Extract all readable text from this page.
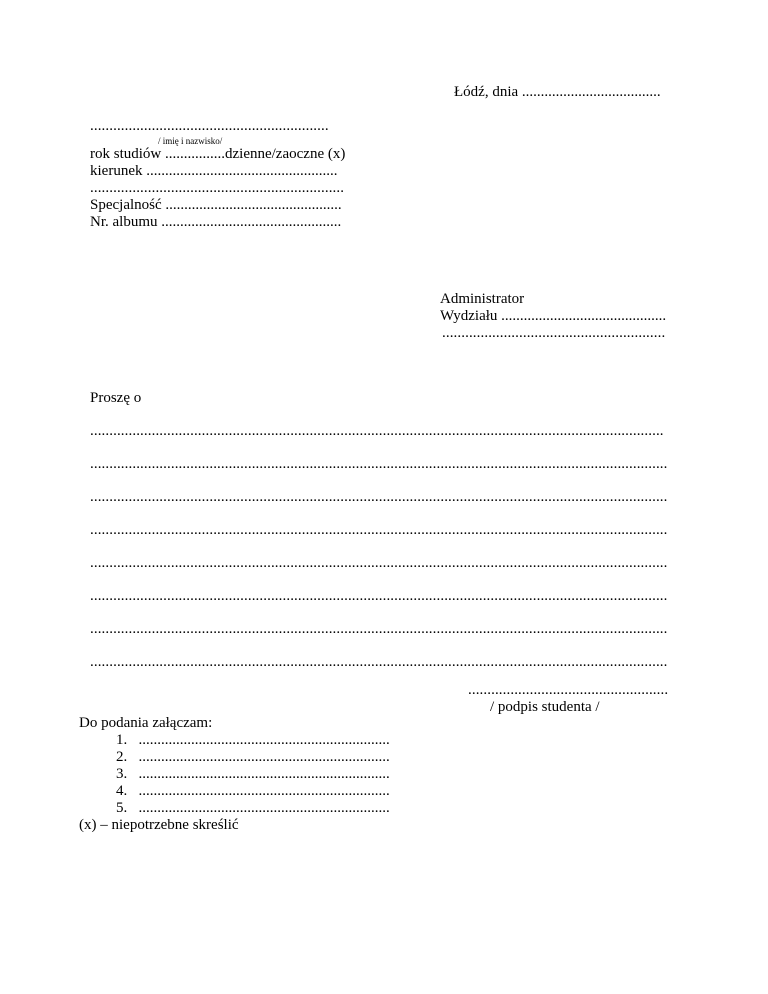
Łódź, dnia .....................................
..............................................................
/ imię i nazwisko/
rok studiów ................dzienne/zaoczne (x)
kierunek ...................................................
..................................................................
Specjalność ...............................................
Nr. albumu ................................................
Administrator
Wydziału ............................................
..........................................................
Proszę o
.....................................................................................................................................................
......................................................................................................................................................
......................................................................................................................................................
......................................................................................................................................................
......................................................................................................................................................
......................................................................................................................................................
......................................................................................................................................................
......................................................................................................................................................
....................................................
/ podpis studenta /
Do podania załączam:
1.   ...................................................................
2.   ...................................................................
3.   ...................................................................
4.   ...................................................................
5.   ...................................................................
(x) – niepotrzebne skreślić
